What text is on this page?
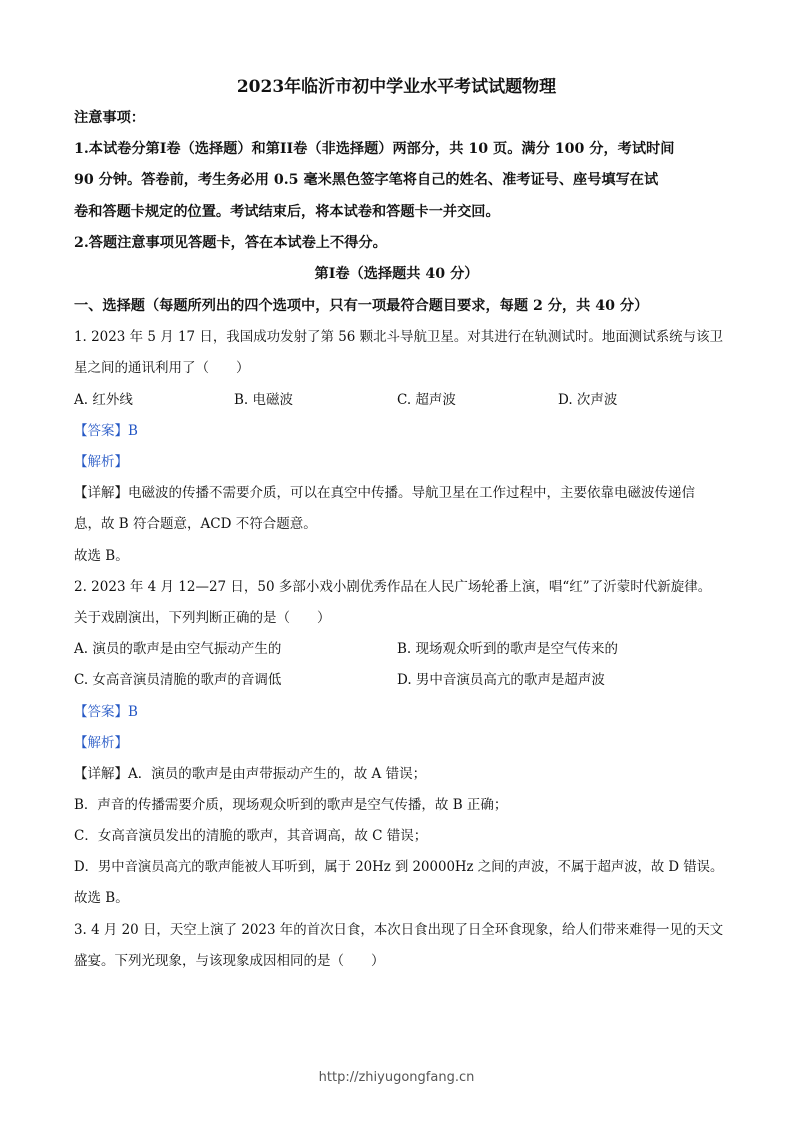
2023年临沂市初中学业水平考试试题物理
注意事项：
1.本试卷分第I卷（选择题）和第II卷（非选择题）两部分，共 10 页。满分 100 分，考试时间
90 分钟。答卷前，考生务必用 0.5 毫米黑色签字笔将自己的姓名、准考证号、座号填写在试
卷和答题卡规定的位置。考试结束后，将本试卷和答题卡一并交回。
2.答题注意事项见答题卡，答在本试卷上不得分。
第I卷（选择题共 40 分）
一、选择题（每题所列出的四个选项中，只有一项最符合题目要求，每题 2 分，共 40 分）
1. 2023 年 5 月 17 日，我国成功发射了第 56 颗北斗导航卫星。对其进行在轨测试时。地面测试系统与该卫
星之间的通讯利用了（　　）
A. 红外线	B. 电磁波	C. 超声波	D. 次声波
【答案】B
【解析】
【详解】电磁波的传播不需要介质，可以在真空中传播。导航卫星在工作过程中，主要依靠电磁波传递信
息，故 B 符合题意，ACD 不符合题意。
故选 B。
2. 2023 年 4 月 12—27 日，50 多部小戏小剧优秀作品在人民广场轮番上演，唱“红”了沂蒙时代新旋律。
关于戏剧演出，下列判断正确的是（　　）
A. 演员的歌声是由空气振动产生的	B. 现场观众听到的歌声是空气传来的
C. 女高音演员清脆的歌声的音调低	D. 男中音演员高亢的歌声是超声波
【答案】B
【解析】
【详解】A．演员的歌声是由声带振动产生的，故 A 错误；
B．声音的传播需要介质，现场观众听到的歌声是空气传播，故 B 正确；
C．女高音演员发出的清脆的歌声，其音调高，故 C 错误；
D．男中音演员高亢的歌声能被人耳听到，属于 20Hz 到 20000Hz 之间的声波，不属于超声波，故 D 错误。
故选 B。
3. 4 月 20 日，天空上演了 2023 年的首次日食，本次日食出现了日全环食现象，给人们带来难得一见的天文
盛宴。下列光现象，与该现象成因相同的是（　　）
http://zhiyugongfang.cn
